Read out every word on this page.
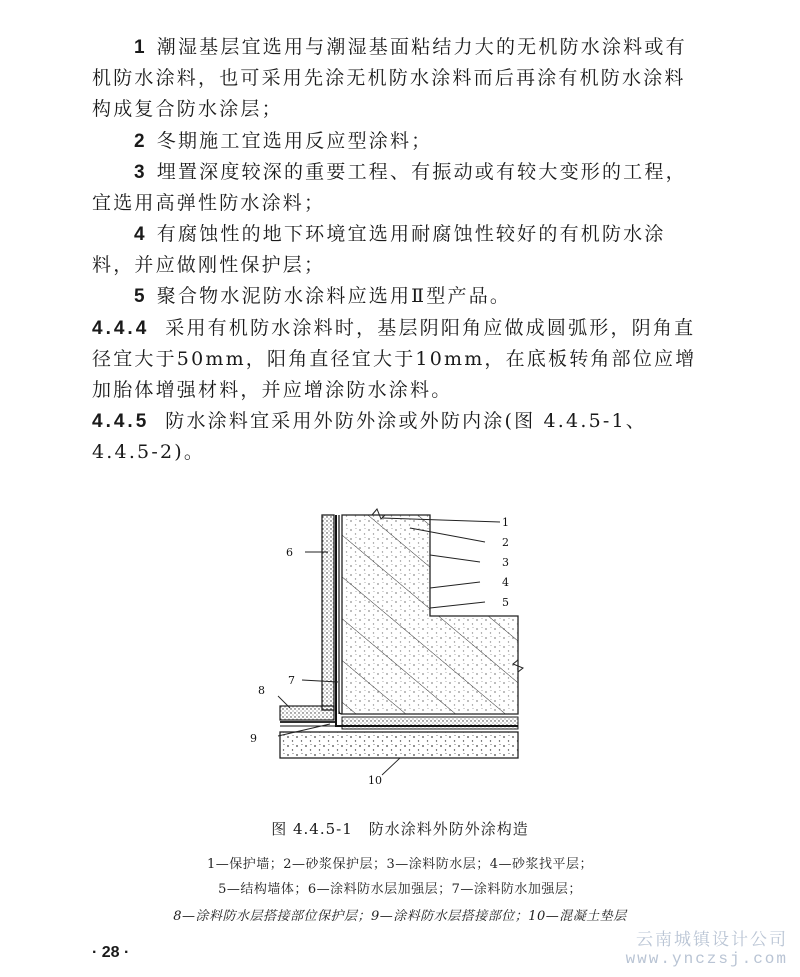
1 潮湿基层宜选用与潮湿基面粘结力大的无机防水涂料或有机防水涂料，也可采用先涂无机防水涂料而后再涂有机防水涂料构成复合防水涂层；

2 冬期施工宜选用反应型涂料；

3 埋置深度较深的重要工程、有振动或有较大变形的工程，宜选用高弹性防水涂料；

4 有腐蚀性的地下环境宜选用耐腐蚀性较好的有机防水涂料，并应做刚性保护层；

5 聚合物水泥防水涂料应选用Ⅱ型产品。

4.4.4 采用有机防水涂料时，基层阴阳角应做成圆弧形，阴角直径宜大于50mm，阳角直径宜大于10mm，在底板转角部位应增加胎体增强材料，并应增涂防水涂料。

4.4.5 防水涂料宜采用外防外涂或外防内涂(图 4.4.5-1、4.4.5-2)。

1
2
3
4
5
6
7
8
9
10

图 4.4.5-1　防水涂料外防外涂构造

1—保护墙；2—砂浆保护层；3—涂料防水层；4—砂浆找平层；

5—结构墙体；6—涂料防水层加强层；7—涂料防水加强层；

8—涂料防水层搭接部位保护层；9—涂料防水层搭接部位；10—混凝土垫层

· 28 ·

云南城镇设计公司
www.ynczsj.com
